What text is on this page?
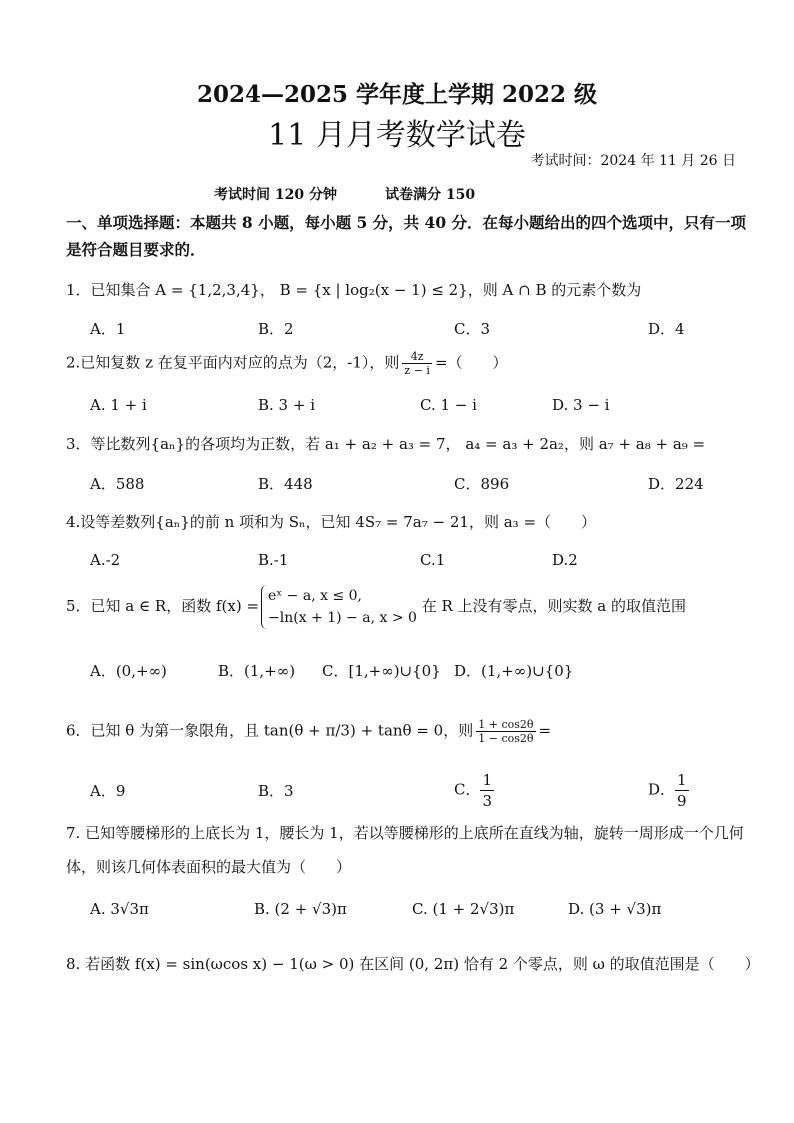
2024—2025 学年度上学期 2022 级
11 月月考数学试卷
考试时间：2024 年 11 月 26 日
考试时间 120 分钟	试卷满分 150
一、单项选择题：本题共 8 小题，每小题 5 分，共 40 分．在每小题给出的四个选项中，只有一项是符合题目要求的．
1．已知集合 A = {1,2,3,4}， B = {x | log₂(x − 1) ≤ 2}，则 A ∩ B 的元素个数为
A．1	B．2	C．3	D．4
2.已知复数 z 在复平面内对应的点为（2，-1），则 $\frac{4z}{z - i}$ =（　　）
A. 1 + i	B. 3 + i	C. 1 − i	D. 3 − i
3．等比数列{aₙ}的各项均为正数，若 a₁ + a₂ + a₃ = 7， a₄ = a₃ + 2a₂，则 a₇ + a₈ + a₉ =
A．588	B．448	C．896	D．224
4.设等差数列{aₙ}的前 n 项和为 Sₙ，已知 4S₇ = 7a₇ − 21，则 a₃ =（　　）
A.-2	B.-1	C.1	D.2
5．已知 a ∈ R，函数 f(x) =
eˣ − a, x ≤ 0,
−ln(x + 1) − a, x > 0
在 R 上没有零点，则实数 a 的取值范围
A．(0,+∞)	B．(1,+∞) C．[1,+∞)∪{0} D．(1,+∞)∪{0}
6．已知 θ 为第一象限角，且 tan(θ + π/3) + tanθ = 0，则 $\frac{1 + \cos 2\theta}{1 - \cos 2\theta}$ =
A．9	B．3	C． $\frac{1}{3}$	D． $\frac{1}{9}$
7. 已知等腰梯形的上底长为 1，腰长为 1，若以等腰梯形的上底所在直线为轴，旋转一周形成一个几何体，则该几何体表面积的最大值为（　　）
A. 3√3π	B. (2 + √3)π	C. (1 + 2√3)π	D. (3 + √3)π
8. 若函数 f(x) = sin(ωcos x) − 1(ω > 0) 在区间 (0, 2π) 恰有 2 个零点，则 ω 的取值范围是（　　）
